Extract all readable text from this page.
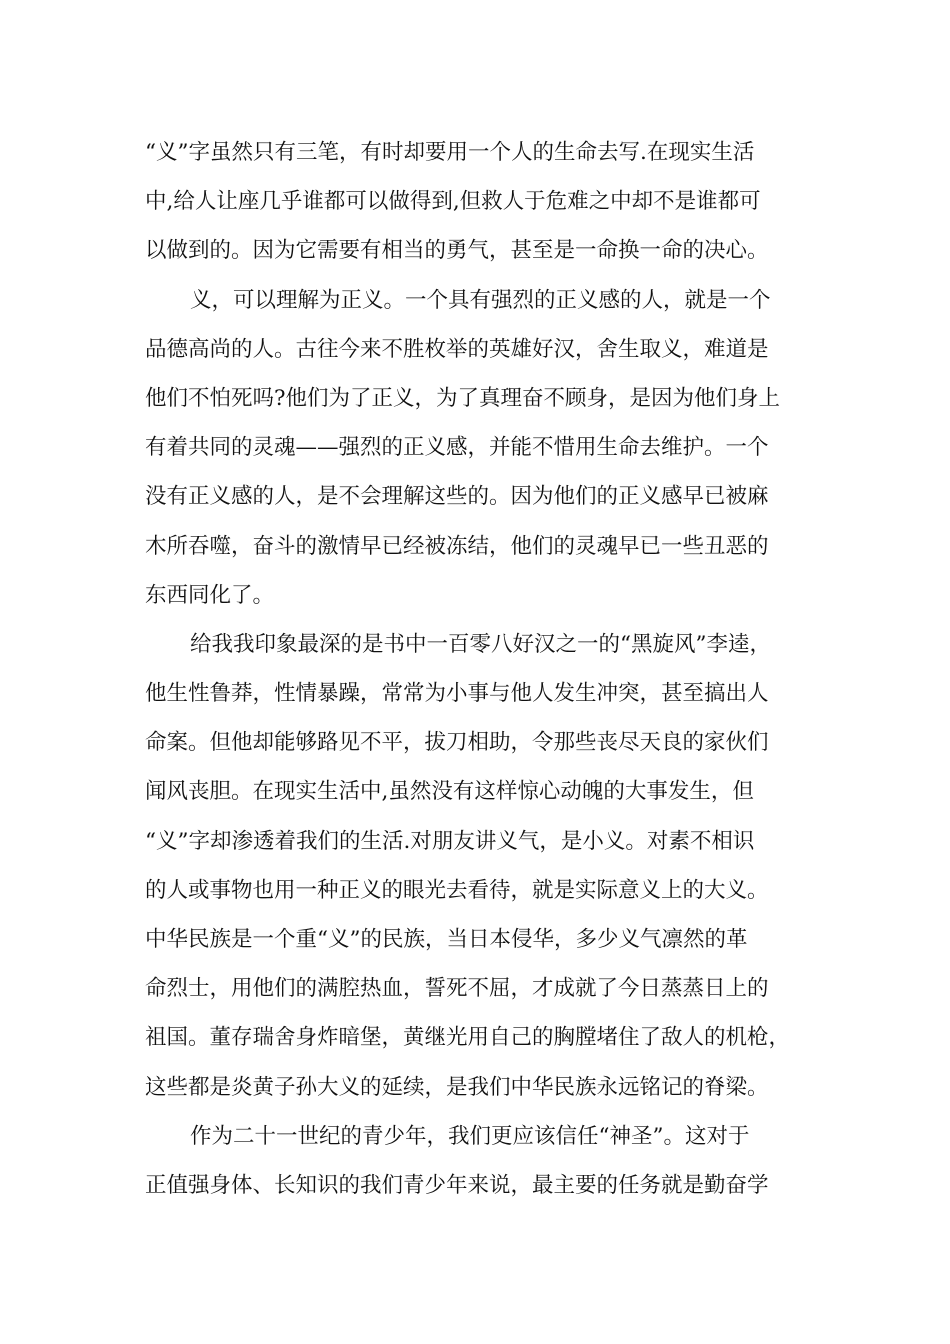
“义”字虽然只有三笔，有时却要用一个人的生命去写.在现实生活
中,给人让座几乎谁都可以做得到,但救人于危难之中却不是谁都可
以做到的。因为它需要有相当的勇气，甚至是一命换一命的决心。
义，可以理解为正义。一个具有强烈的正义感的人，就是一个
品德高尚的人。古往今来不胜枚举的英雄好汉，舍生取义，难道是
他们不怕死吗?他们为了正义，为了真理奋不顾身，是因为他们身上
有着共同的灵魂——强烈的正义感，并能不惜用生命去维护。一个
没有正义感的人，是不会理解这些的。因为他们的正义感早已被麻
木所吞噬，奋斗的激情早已经被冻结，他们的灵魂早已一些丑恶的
东西同化了。
给我我印象最深的是书中一百零八好汉之一的“黑旋风”李逵，
他生性鲁莽，性情暴躁，常常为小事与他人发生冲突，甚至搞出人
命案。但他却能够路见不平，拔刀相助，令那些丧尽天良的家伙们
闻风丧胆。在现实生活中,虽然没有这样惊心动魄的大事发生，但
“义”字却渗透着我们的生活.对朋友讲义气，是小义。对素不相识
的人或事物也用一种正义的眼光去看待，就是实际意义上的大义。
中华民族是一个重“义”的民族，当日本侵华，多少义气凛然的革
命烈士，用他们的满腔热血，誓死不屈，才成就了今日蒸蒸日上的
祖国。董存瑞舍身炸暗堡，黄继光用自己的胸膛堵住了敌人的机枪，
这些都是炎黄子孙大义的延续，是我们中华民族永远铭记的脊梁。
作为二十一世纪的青少年，我们更应该信任“神圣”。这对于
正值强身体、长知识的我们青少年来说，最主要的任务就是勤奋学
